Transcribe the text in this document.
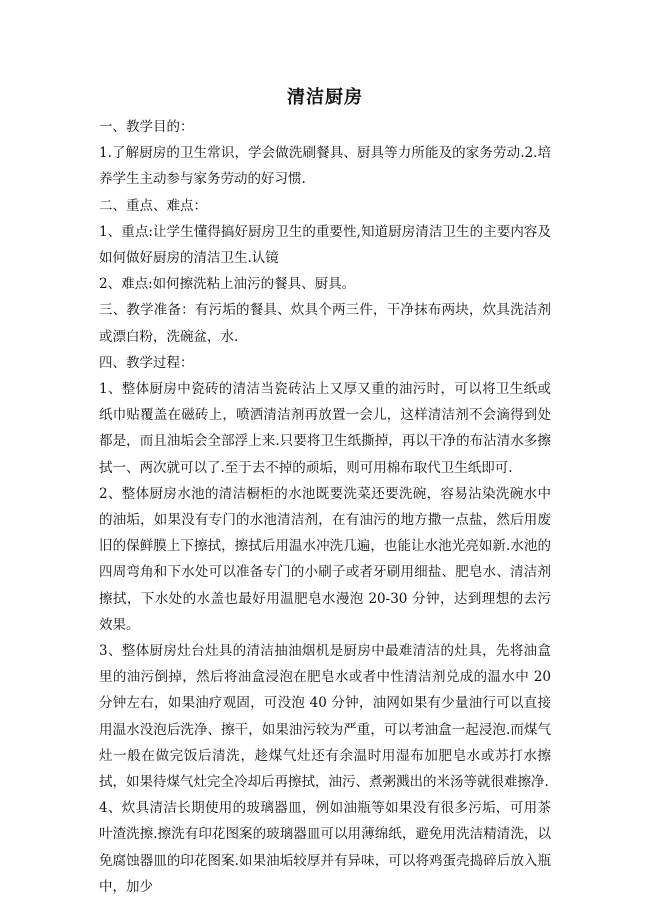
清洁厨房

一、教学目的：

1.了解厨房的卫生常识，学会做洗刷餐具、厨具等力所能及的家务劳动.2.培养学生主动参与家务劳动的好习惯.

二、重点、难点：

1、重点:让学生懂得搞好厨房卫生的重要性,知道厨房清洁卫生的主要内容及如何做好厨房的清洁卫生.认镜

2、难点:如何擦洗粘上油污的餐具、厨具。

三、教学准备：有污垢的餐具、炊具个两三件，干净抹布两块，炊具洗洁剂或漂白粉，洗碗盆，水.

四、教学过程：

1、整体厨房中瓷砖的清洁当瓷砖沾上又厚又重的油污时，可以将卫生纸或纸巾贴覆盖在磁砖上，喷洒清洁剂再放置一会儿，这样清洁剂不会滴得到处都是，而且油垢会全部浮上来.只要将卫生纸撕掉，再以干净的布沾清水多擦拭一、两次就可以了.至于去不掉的顽垢，则可用棉布取代卫生纸即可.

2、整体厨房水池的清洁橱柜的水池既要洗菜还要洗碗，容易沾染洗碗水中的油垢，如果没有专门的水池清洁剂，在有油污的地方撒一点盐，然后用废旧的保鲜膜上下擦拭，擦拭后用温水冲洗几遍，也能让水池光亮如新.水池的四周弯角和下水处可以准备专门的小刷子或者牙刷用细盐、肥皂水、清洁剂擦拭，下水处的水盖也最好用温肥皂水漫泡 20-30 分钟，达到理想的去污效果。

3、整体厨房灶台灶具的清洁抽油烟机是厨房中最难清洁的灶具，先将油盒里的油污倒掉，然后将油盒浸泡在肥皂水或者中性清洁剂兑成的温水中 20 分钟左右，如果油疗观固，可没泡 40 分钟，油网如果有少量油行可以直接用温水没泡后洗净、擦干，如果油污较为严重，可以考油盒一起浸泡.而煤气灶一般在做完饭后清洗，趁煤气灶还有余温时用湿布加肥皂水或苏打水擦拭，如果待煤气灶完全冷却后再擦拭，油污、煮粥溅出的米汤等就很难擦净.

4、炊具清洁长期使用的玻璃器皿，例如油瓶等如果没有很多污垢，可用茶叶渣洗擦.擦洗有印花图案的玻璃器皿可以用薄绵纸，避免用洗洁精清洗，以免腐蚀器皿的印花图案.如果油垢较厚并有异味，可以将鸡蛋壳捣碎后放入瓶中，加少
